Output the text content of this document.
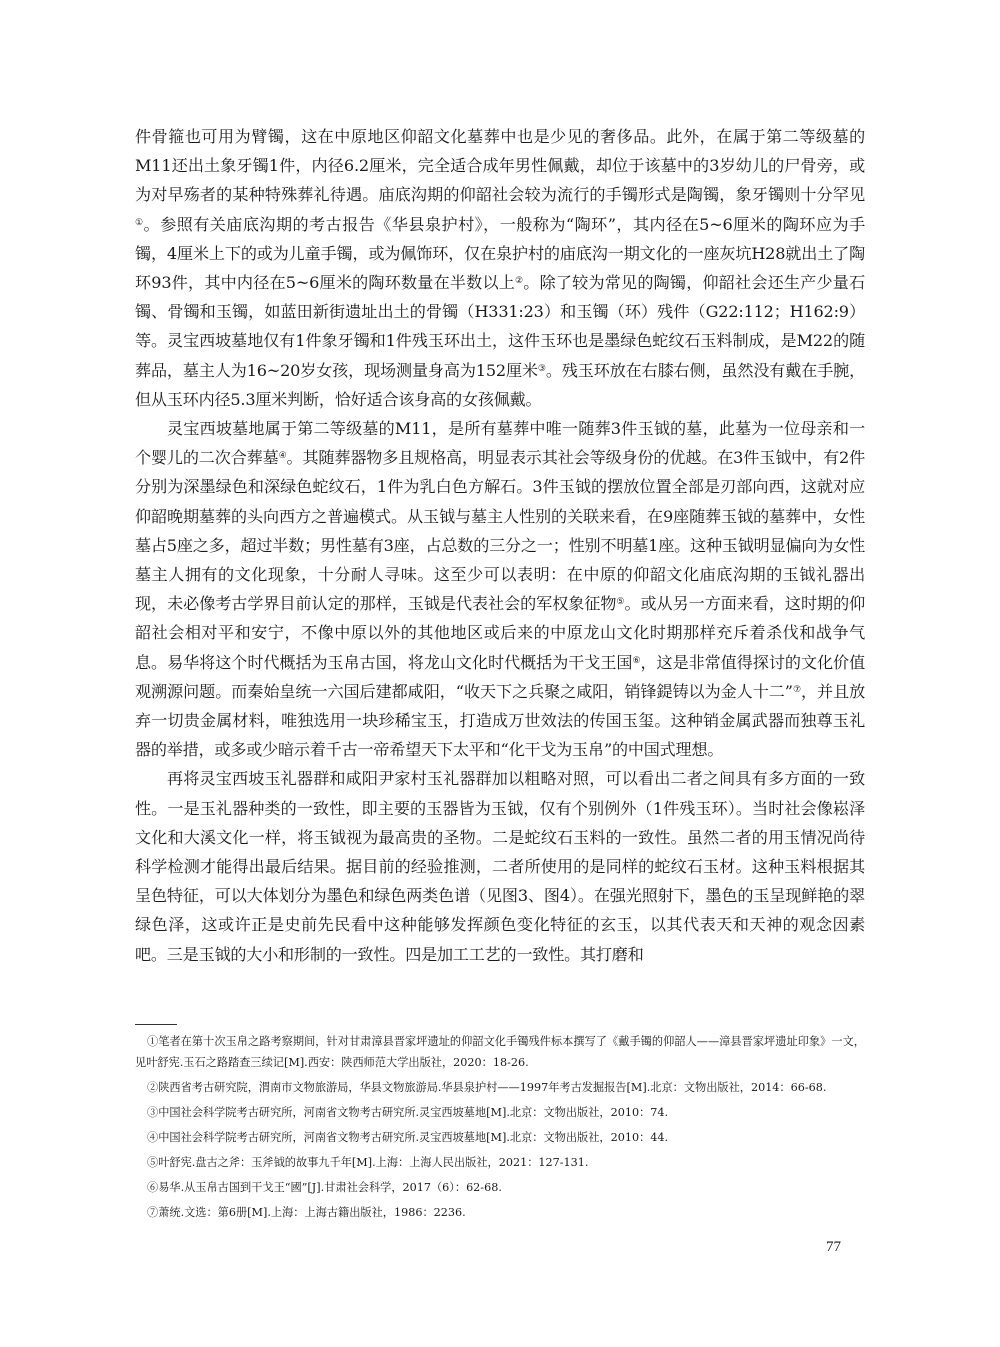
件骨箍也可用为臂镯，这在中原地区仰韶文化墓葬中也是少见的奢侈品。此外，在属于第二等级墓的M11还出土象牙镯1件，内径6.2厘米，完全适合成年男性佩戴，却位于该墓中的3岁幼儿的尸骨旁，或为对早殇者的某种特殊葬礼待遇。庙底沟期的仰韶社会较为流行的手镯形式是陶镯，象牙镯则十分罕见①。参照有关庙底沟期的考古报告《华县泉护村》，一般称为“陶环”，其内径在5~6厘米的陶环应为手镯，4厘米上下的或为儿童手镯，或为佩饰环，仅在泉护村的庙底沟一期文化的一座灰坑H28就出土了陶环93件，其中内径在5~6厘米的陶环数量在半数以上②。除了较为常见的陶镯，仰韶社会还生产少量石镯、骨镯和玉镯，如蓝田新街遗址出土的骨镯（H331:23）和玉镯（环）残件（G22:112；H162:9）等。灵宝西坡墓地仅有1件象牙镯和1件残玉环出土，这件玉环也是墨绿色蛇纹石玉料制成，是M22的随葬品，墓主人为16~20岁女孩，现场测量身高为152厘米③。残玉环放在右膝右侧，虽然没有戴在手腕，但从玉环内径5.3厘米判断，恰好适合该身高的女孩佩戴。

灵宝西坡墓地属于第二等级墓的M11，是所有墓葬中唯一随葬3件玉钺的墓，此墓为一位母亲和一个婴儿的二次合葬墓④。其随葬器物多且规格高，明显表示其社会等级身份的优越。在3件玉钺中，有2件分别为深墨绿色和深绿色蛇纹石，1件为乳白色方解石。3件玉钺的摆放位置全部是刃部向西，这就对应仰韶晚期墓葬的头向西方之普遍模式。从玉钺与墓主人性别的关联来看，在9座随葬玉钺的墓葬中，女性墓占5座之多，超过半数；男性墓有3座，占总数的三分之一；性别不明墓1座。这种玉钺明显偏向为女性墓主人拥有的文化现象，十分耐人寻味。这至少可以表明：在中原的仰韶文化庙底沟期的玉钺礼器出现，未必像考古学界目前认定的那样，玉钺是代表社会的军权象征物⑤。或从另一方面来看，这时期的仰韶社会相对平和安宁，不像中原以外的其他地区或后来的中原龙山文化时期那样充斥着杀伐和战争气息。易华将这个时代概括为玉帛古国，将龙山文化时代概括为干戈王国⑥，这是非常值得探讨的文化价值观溯源问题。而秦始皇统一六国后建都咸阳，“收天下之兵聚之咸阳，销锋鍉铸以为金人十二”⑦，并且放弃一切贵金属材料，唯独选用一块珍稀宝玉，打造成万世效法的传国玉玺。这种销金属武器而独尊玉礼器的举措，或多或少暗示着千古一帝希望天下太平和“化干戈为玉帛”的中国式理想。

再将灵宝西坡玉礼器群和咸阳尹家村玉礼器群加以粗略对照，可以看出二者之间具有多方面的一致性。一是玉礼器种类的一致性，即主要的玉器皆为玉钺，仅有个别例外（1件残玉环）。当时社会像崧泽文化和大溪文化一样，将玉钺视为最高贵的圣物。二是蛇纹石玉料的一致性。虽然二者的用玉情况尚待科学检测才能得出最后结果。据目前的经验推测，二者所使用的是同样的蛇纹石玉材。这种玉料根据其呈色特征，可以大体划分为墨色和绿色两类色谱（见图3、图4）。在强光照射下，墨色的玉呈现鲜艳的翠绿色泽，这或许正是史前先民看中这种能够发挥颜色变化特征的玄玉，以其代表天和天神的观念因素吧。三是玉钺的大小和形制的一致性。四是加工工艺的一致性。其打磨和

①笔者在第十次玉帛之路考察期间，针对甘肃漳县晋家坪遗址的仰韶文化手镯残件标本撰写了《戴手镯的仰韶人——漳县晋家坪遗址印象》一文，见叶舒宪.玉石之路踏查三续记[M].西安：陕西师范大学出版社，2020：18-26.

②陕西省考古研究院，渭南市文物旅游局，华县文物旅游局.华县泉护村——1997年考古发掘报告[M].北京：文物出版社，2014：66-68.

③中国社会科学院考古研究所，河南省文物考古研究所.灵宝西坡墓地[M].北京：文物出版社，2010：74.

④中国社会科学院考古研究所，河南省文物考古研究所.灵宝西坡墓地[M].北京：文物出版社，2010：44.

⑤叶舒宪.盘古之斧：玉斧钺的故事九千年[M].上海：上海人民出版社，2021：127-131.

⑥易华.从玉帛古国到干戈王“國”[J].甘肃社会科学，2017（6）：62-68.

⑦萧统.文选：第6册[M].上海：上海古籍出版社，1986：2236.

77
